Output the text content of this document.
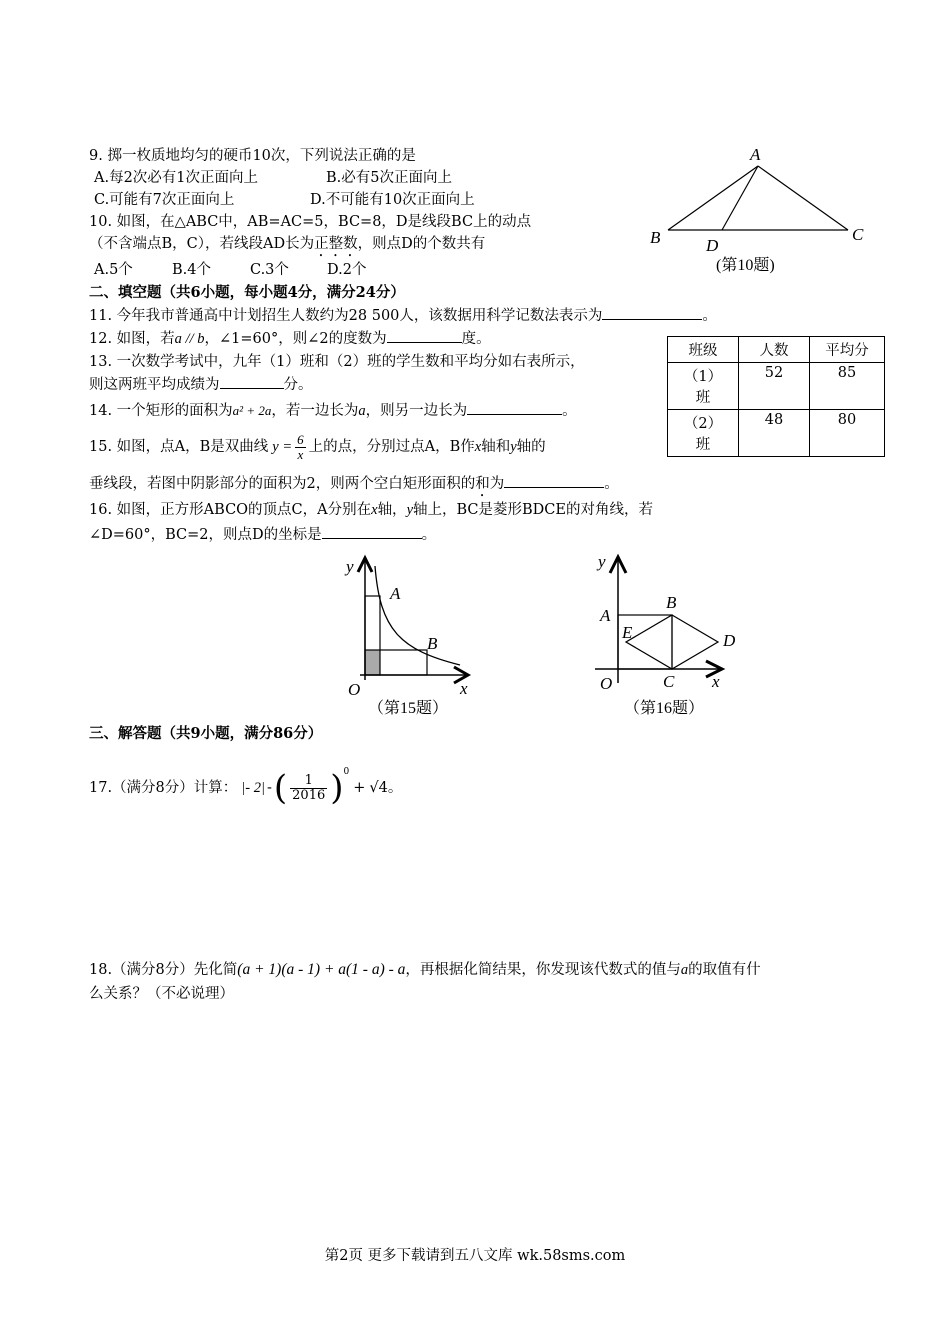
9. 掷一枚质地均匀的硬币10次，下列说法正确的是
A.每2次必有1次正面向上	B.必有5次正面向上
C.可能有7次正面向上	D.不可能有10次正面向上
10. 如图，在△ABC中，AB=AC=5，BC=8，D是线段BC上的动点
（不含端点B，C），若线段AD长为正整数，则点D的个数共有
A.5个	B.4个	C.3个	D.2个
A
B	C
D
(第10题)
二、填空题（共6小题，每小题4分，满分24分）
11. 今年我市普通高中计划招生人数约为28 500人，该数据用科学记数法表示为	。
12. 如图，若a // b，∠1=60°，则∠2的度数为	度。
13. 一次数学考试中，九年（1）班和（2）班的学生数和平均分如右表所示，
则这两班平均成绩为	分。
班级	人数	平均分
（1）
班	52	85
（2）
班	48	80
14. 一个矩形的面积为a² + 2a，若一边长为a，则另一边长为	。
15. 如图，点A，B是双曲线 $y = \frac{6}{x}$ 上的点，分别过点A，B作x轴和y轴的
垂线段，若图中阴影部分的面积为2，则两个空白矩形面积的和为	。
16. 如图，正方形ABCO的顶点C，A分别在x轴，y轴上，BC是菱形BDCE的对角线，若
∠D=60°，BC=2，则点D的坐标是	。
y
A
B
O	x
（第15题）
y
A
B
E	D
O	C x
（第16题）
三、解答题（共9小题，满分86分）
17.（满分8分）计算： |- 2| -( $\frac{1}{2016} )^0+ √4$。
18.（满分8分）先化简(a + 1)(a - 1) + a(1 - a) - a，再根据化简结果，你发现该代数式的值与a的取值有什
么关系？（不必说理）
第2页 更多下载请到五八文库 wk.58sms.com
